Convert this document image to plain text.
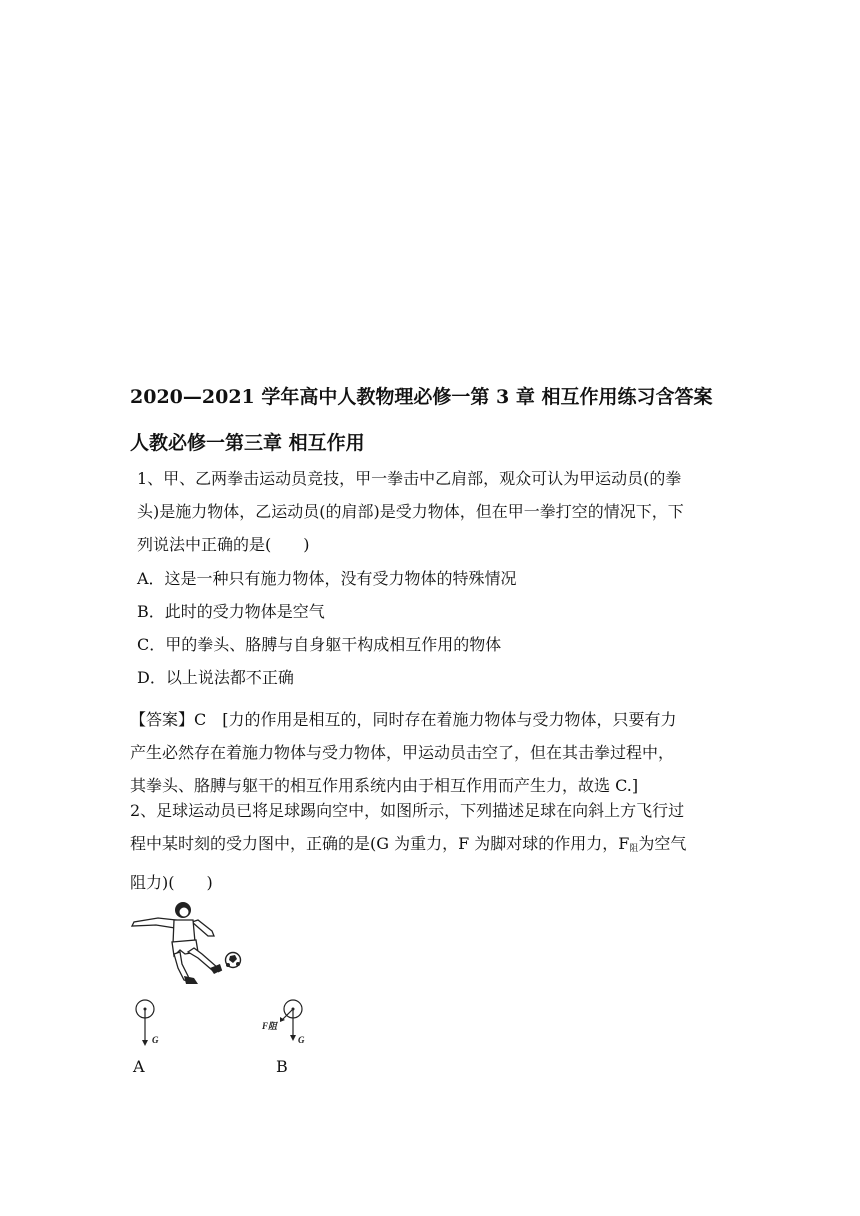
2020—2021 学年高中人教物理必修一第 3 章 相互作用练习含答案
人教必修一第三章 相互作用
1、甲、乙两拳击运动员竞技，甲一拳击中乙肩部，观众可认为甲运动员(的拳
头)是施力物体，乙运动员(的肩部)是受力物体，但在甲一拳打空的情况下，下
列说法中正确的是(　　)
A．这是一种只有施力物体，没有受力物体的特殊情况
B．此时的受力物体是空气
C．甲的拳头、胳膊与自身躯干构成相互作用的物体
D．以上说法都不正确
【答案】C　[力的作用是相互的，同时存在着施力物体与受力物体，只要有力
产生必然存在着施力物体与受力物体，甲运动员击空了，但在其击拳过程中，
其拳头、胳膊与躯干的相互作用系统内由于相互作用而产生力，故选 C.]
2、足球运动员已将足球踢向空中，如图所示，下列描述足球在向斜上方飞行过
程中某时刻的受力图中，正确的是(G 为重力，F 为脚对球的作用力，$F_阻$为空气
阻力)(　　)
G
F阻
G
A	B
